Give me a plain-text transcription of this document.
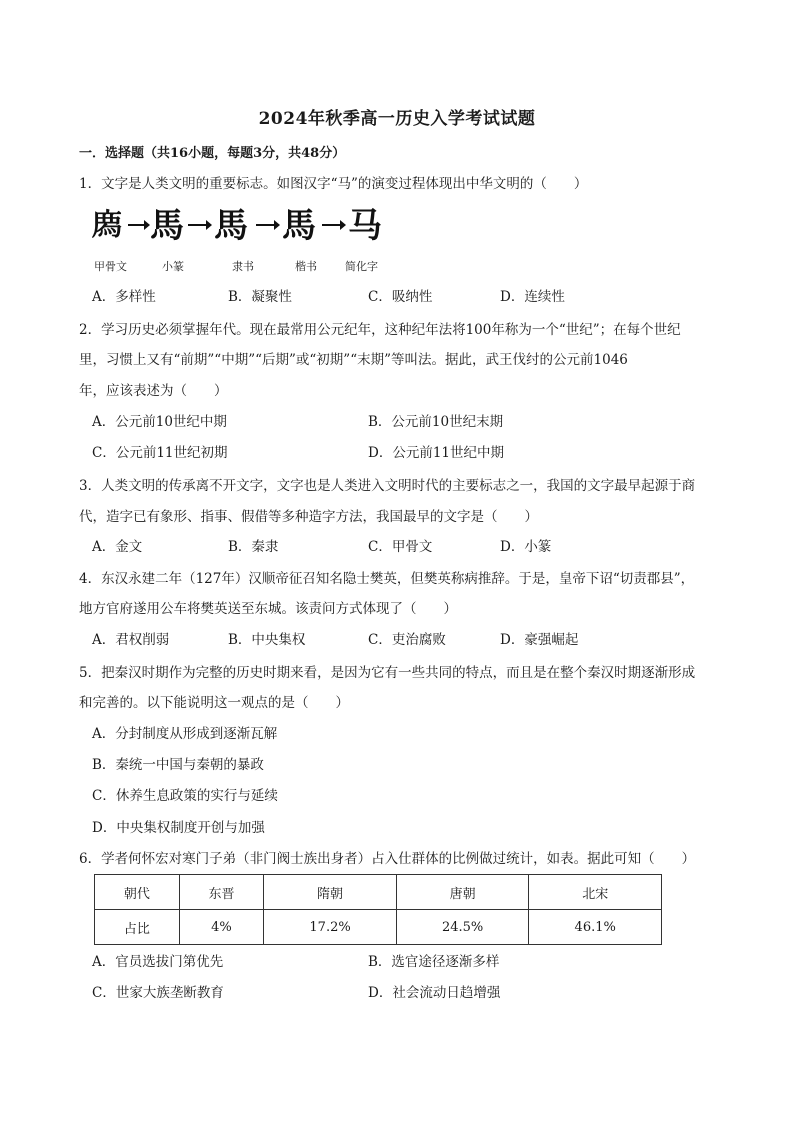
2024年秋季高一历史入学考试试题
一．选择题（共16小题，每题3分，共48分）
1．文字是人类文明的重要标志。如图汉字“马”的演变过程体现出中华文明的（　　）
𢊁 馬 馬 馬 马
甲骨文	小篆	隶书	楷书	简化字
A．多样性	B．凝聚性	C．吸纳性	D．连续性
2．学习历史必须掌握年代。现在最常用公元纪年，这种纪年法将100年称为一个“世纪”；在每个世纪
里，习惯上又有“前期”“中期”“后期”或“初期”“末期”等叫法。据此，武王伐纣的公元前1046
年，应该表述为（　　）
A．公元前10世纪中期	B．公元前10世纪末期
C．公元前11世纪初期	D．公元前11世纪中期
3．人类文明的传承离不开文字，文字也是人类进入文明时代的主要标志之一，我国的文字最早起源于商
代，造字已有象形、指事、假借等多种造字方法，我国最早的文字是（　　）
A．金文	B．秦隶	C．甲骨文	D．小篆
4．东汉永建二年（127年）汉顺帝征召知名隐士樊英，但樊英称病推辞。于是，皇帝下诏“切责郡县”，
地方官府遂用公车将樊英送至东城。该责问方式体现了（　　）
A．君权削弱	B．中央集权	C．吏治腐败	D．豪强崛起
5．把秦汉时期作为完整的历史时期来看，是因为它有一些共同的特点，而且是在整个秦汉时期逐渐形成
和完善的。以下能说明这一观点的是（　　）
A．分封制度从形成到逐渐瓦解
B．秦统一中国与秦朝的暴政
C．休养生息政策的实行与延续
D．中央集权制度开创与加强
6．学者何怀宏对寒门子弟（非门阀士族出身者）占入仕群体的比例做过统计，如表。据此可知（　　）
朝代	东晋	隋朝	唐朝	北宋
占比	4%	17.2%	24.5%	46.1%
A．官员选拔门第优先	B．选官途径逐渐多样
C．世家大族垄断教育	D．社会流动日趋增强
